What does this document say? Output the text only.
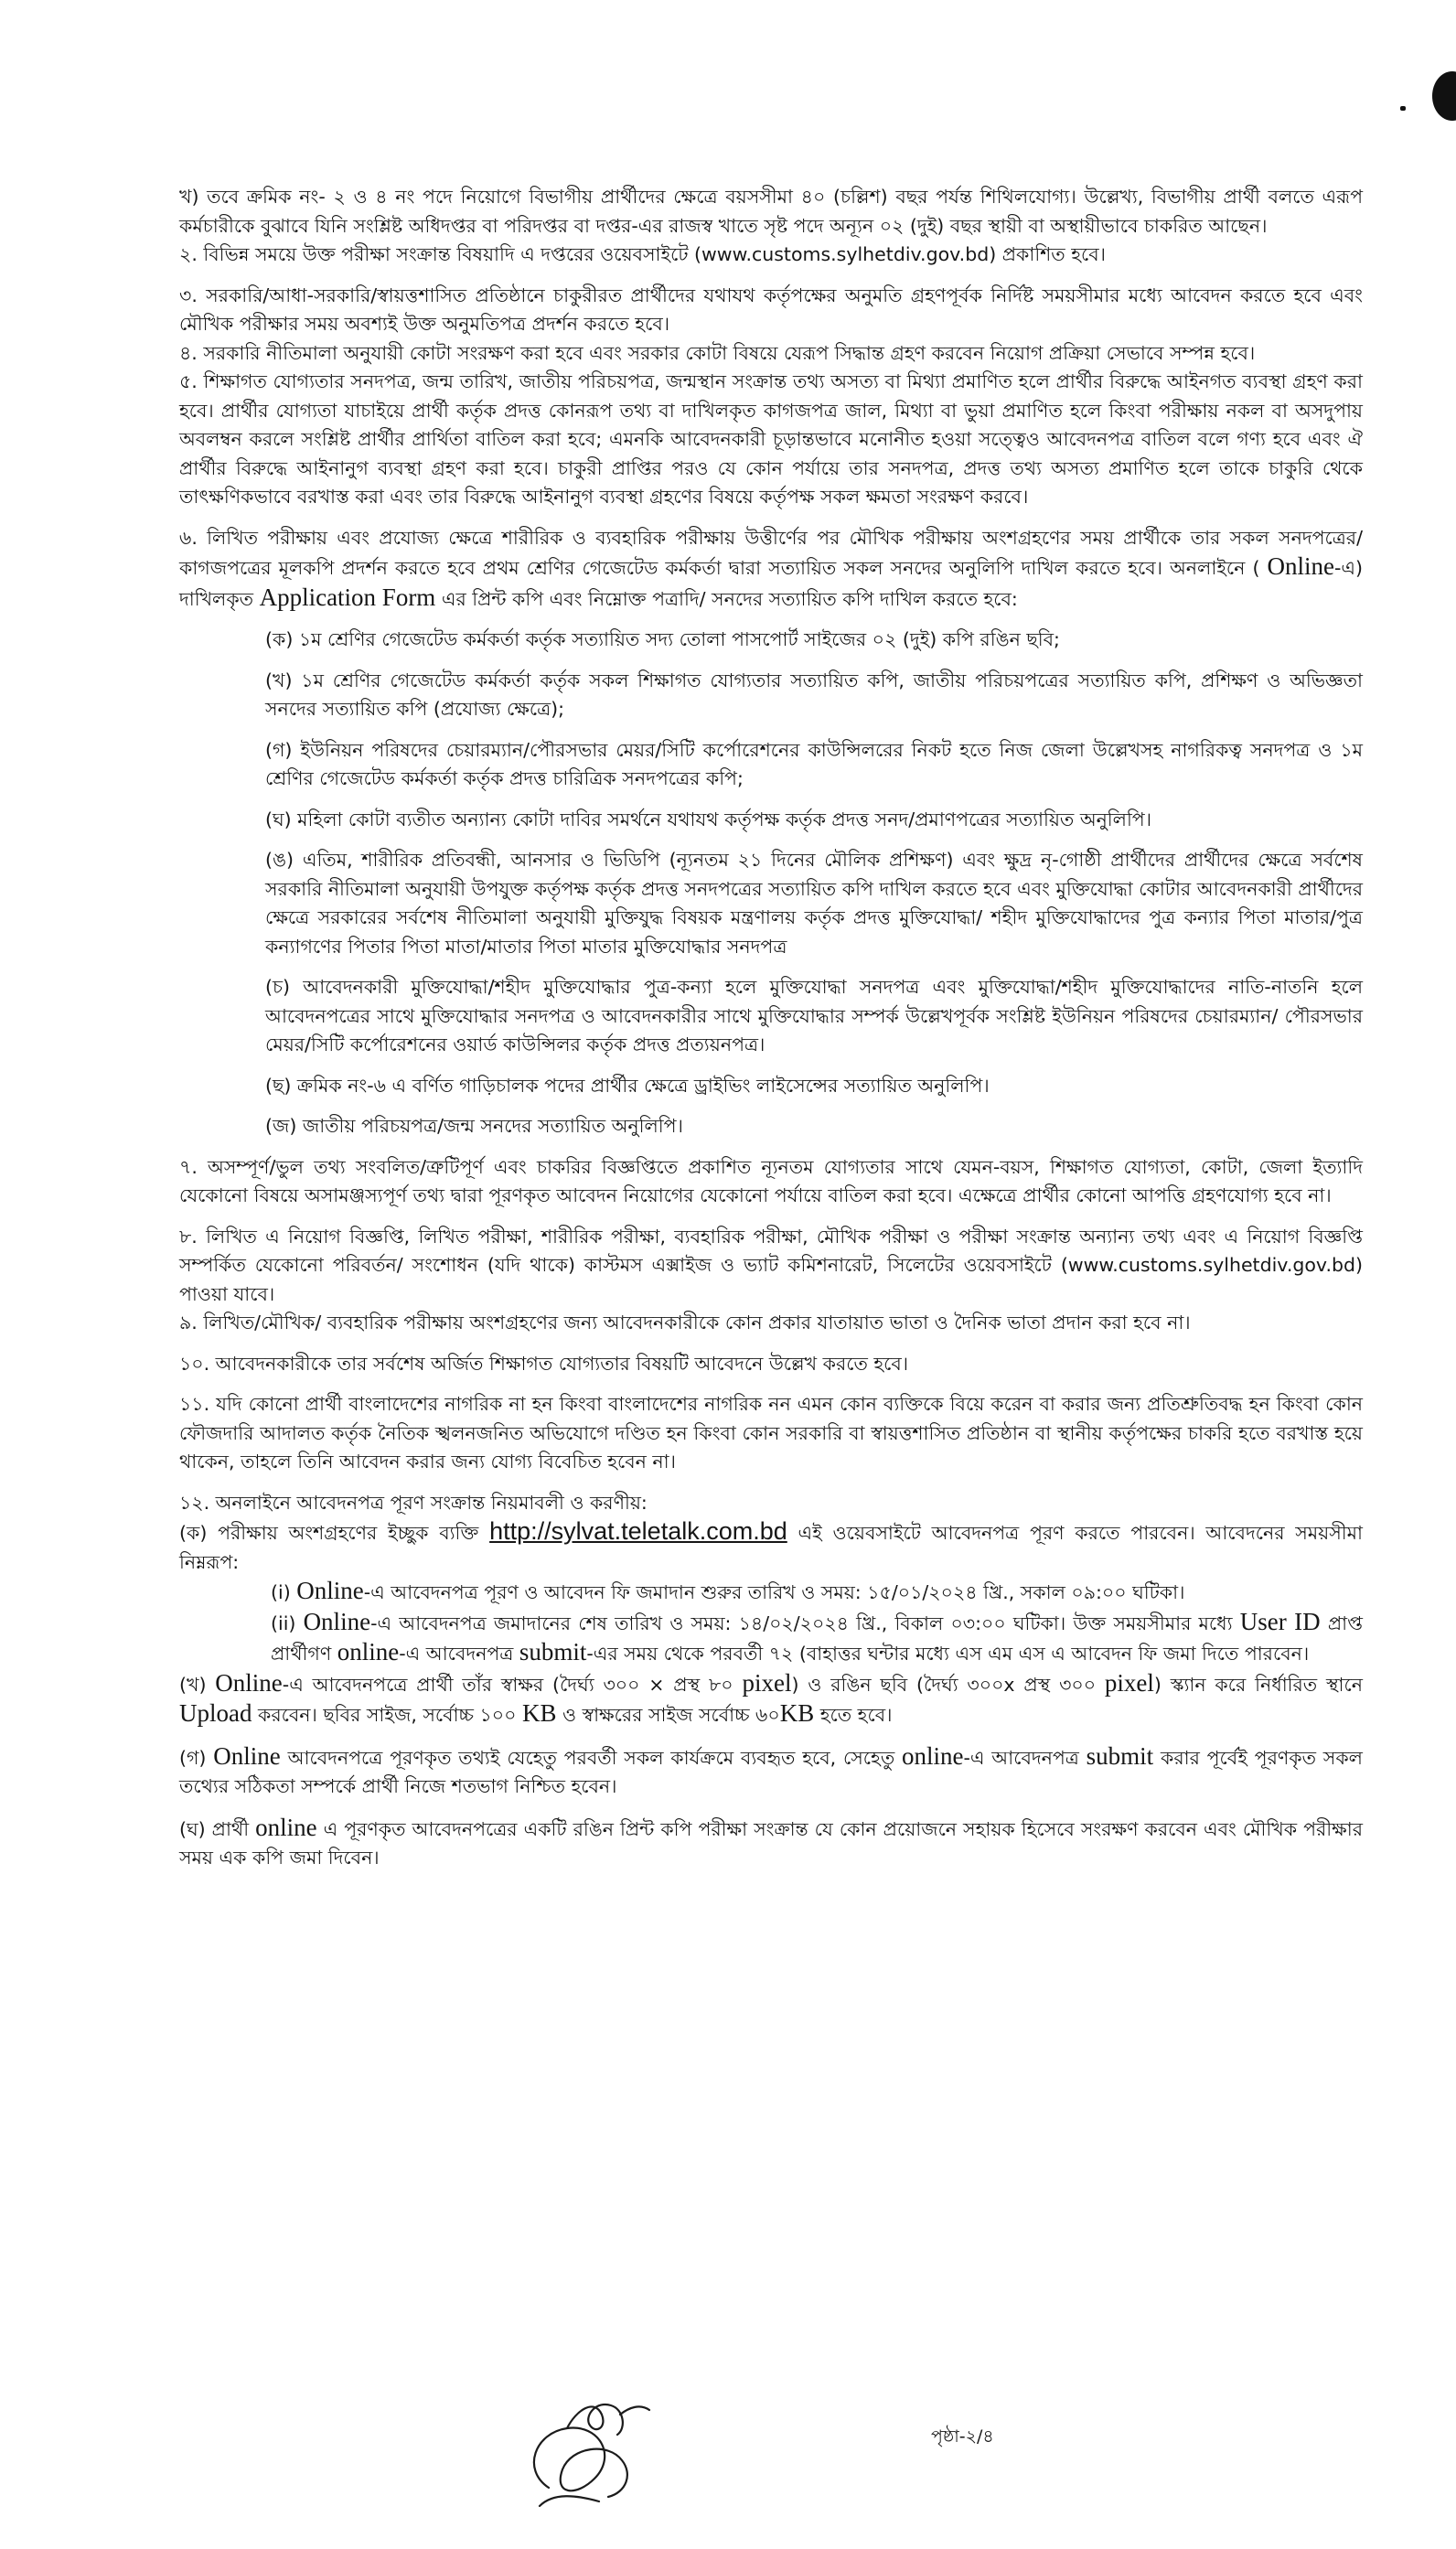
খ) তবে ক্রমিক নং- ২ ও ৪ নং পদে নিয়োগে বিভাগীয় প্রার্থীদের ক্ষেত্রে বয়সসীমা ৪০ (চল্লিশ) বছর পর্যন্ত শিথিলযোগ্য। উল্লেখ্য, বিভাগীয় প্রার্থী বলতে এরূপ কর্মচারীকে বুঝাবে যিনি সংশ্লিষ্ট অধিদপ্তর বা পরিদপ্তর বা দপ্তর-এর রাজস্ব খাতে সৃষ্ট পদে অন্যূন ০২ (দুই) বছর স্থায়ী বা অস্থায়ীভাবে চাকরিত আছেন।

২. বিভিন্ন সময়ে উক্ত পরীক্ষা সংক্রান্ত বিষয়াদি এ দপ্তরের ওয়েবসাইটে (www.customs.sylhetdiv.gov.bd) প্রকাশিত হবে।

৩. সরকারি/আধা-সরকারি/স্বায়ত্তশাসিত প্রতিষ্ঠানে চাকুরীরত প্রার্থীদের যথাযথ কর্তৃপক্ষের অনুমতি গ্রহণপূর্বক নির্দিষ্ট সময়সীমার মধ্যে আবেদন করতে হবে এবং মৌখিক পরীক্ষার সময় অবশ্যই উক্ত অনুমতিপত্র প্রদর্শন করতে হবে।

৪. সরকারি নীতিমালা অনুযায়ী কোটা সংরক্ষণ করা হবে এবং সরকার কোটা বিষয়ে যেরূপ সিদ্ধান্ত গ্রহণ করবেন নিয়োগ প্রক্রিয়া সেভাবে সম্পন্ন হবে।

৫. শিক্ষাগত যোগ্যতার সনদপত্র, জন্ম তারিখ, জাতীয় পরিচয়পত্র, জন্মস্থান সংক্রান্ত তথ্য অসত্য বা মিথ্যা প্রমাণিত হলে প্রার্থীর বিরুদ্ধে আইনগত ব্যবস্থা গ্রহণ করা হবে। প্রার্থীর যোগ্যতা যাচাইয়ে প্রার্থী কর্তৃক প্রদত্ত কোনরূপ তথ্য বা দাখিলকৃত কাগজপত্র জাল, মিথ্যা বা ভুয়া প্রমাণিত হলে কিংবা পরীক্ষায় নকল বা অসদুপায় অবলম্বন করলে সংশ্লিষ্ট প্রার্থীর প্রার্থিতা বাতিল করা হবে; এমনকি আবেদনকারী চূড়ান্তভাবে মনোনীত হওয়া সত্ত্বেও আবেদনপত্র বাতিল বলে গণ্য হবে এবং ঐ প্রার্থীর বিরুদ্ধে আইনানুগ ব্যবস্থা গ্রহণ করা হবে। চাকুরী প্রাপ্তির পরও যে কোন পর্যায়ে তার সনদপত্র, প্রদত্ত তথ্য অসত্য প্রমাণিত হলে তাকে চাকুরি থেকে তাৎক্ষণিকভাবে বরখাস্ত করা এবং তার বিরুদ্ধে আইনানুগ ব্যবস্থা গ্রহণের বিষয়ে কর্তৃপক্ষ সকল ক্ষমতা সংরক্ষণ করবে।

৬. লিখিত পরীক্ষায় এবং প্রযোজ্য ক্ষেত্রে শারীরিক ও ব্যবহারিক পরীক্ষায় উত্তীর্ণের পর মৌখিক পরীক্ষায় অংশগ্রহণের সময় প্রার্থীকে তার সকল সনদপত্রের/কাগজপত্রের মূলকপি প্রদর্শন করতে হবে প্রথম শ্রেণির গেজেটেড কর্মকর্তা দ্বারা সত্যায়িত সকল সনদের অনুলিপি দাখিল করতে হবে। অনলাইনে ( Online-এ) দাখিলকৃত Application Form এর প্রিন্ট কপি এবং নিম্নোক্ত পত্রাদি/ সনদের সত্যায়িত কপি দাখিল করতে হবে:

(ক) ১ম শ্রেণির গেজেটেড কর্মকর্তা কর্তৃক সত্যায়িত সদ্য তোলা পাসপোর্ট সাইজের ০২ (দুই) কপি রঙিন ছবি;

(খ) ১ম শ্রেণির গেজেটেড কর্মকর্তা কর্তৃক সকল শিক্ষাগত যোগ্যতার সত্যায়িত কপি, জাতীয় পরিচয়পত্রের সত্যায়িত কপি, প্রশিক্ষণ ও অভিজ্ঞতা সনদের সত্যায়িত কপি (প্রযোজ্য ক্ষেত্রে);

(গ) ইউনিয়ন পরিষদের চেয়ারম্যান/পৌরসভার মেয়র/সিটি কর্পোরেশনের কাউন্সিলরের নিকট হতে নিজ জেলা উল্লেখসহ নাগরিকত্ব সনদপত্র ও ১ম শ্রেণির গেজেটেড কর্মকর্তা কর্তৃক প্রদত্ত চারিত্রিক সনদপত্রের কপি;

(ঘ) মহিলা কোটা ব্যতীত অন্যান্য কোটা দাবির সমর্থনে যথাযথ কর্তৃপক্ষ কর্তৃক প্রদত্ত সনদ/প্রমাণপত্রের সত্যায়িত অনুলিপি।

(ঙ) এতিম, শারীরিক প্রতিবন্ধী, আনসার ও ভিডিপি (ন্যূনতম ২১ দিনের মৌলিক প্রশিক্ষণ) এবং ক্ষুদ্র নৃ-গোষ্ঠী প্রার্থীদের প্রার্থীদের ক্ষেত্রে সর্বশেষ সরকারি নীতিমালা অনুযায়ী উপযুক্ত কর্তৃপক্ষ কর্তৃক প্রদত্ত সনদপত্রের সত্যায়িত কপি দাখিল করতে হবে এবং মুক্তিযোদ্ধা কোটার আবেদনকারী প্রার্থীদের ক্ষেত্রে সরকারের সর্বশেষ নীতিমালা অনুযায়ী মুক্তিযুদ্ধ বিষয়ক মন্ত্রণালয় কর্তৃক প্রদত্ত মুক্তিযোদ্ধা/ শহীদ মুক্তিযোদ্ধাদের পুত্র কন্যার পিতা মাতার/পুত্র কন্যাগণের পিতার পিতা মাতা/মাতার পিতা মাতার মুক্তিযোদ্ধার সনদপত্র

(চ) আবেদনকারী মুক্তিযোদ্ধা/শহীদ মুক্তিযোদ্ধার পুত্র-কন্যা হলে মুক্তিযোদ্ধা সনদপত্র এবং মুক্তিযোদ্ধা/শহীদ মুক্তিযোদ্ধাদের নাতি-নাতনি হলে আবেদনপত্রের সাথে মুক্তিযোদ্ধার সনদপত্র ও আবেদনকারীর সাথে মুক্তিযোদ্ধার সম্পর্ক উল্লেখপূর্বক সংশ্লিষ্ট ইউনিয়ন পরিষদের চেয়ারম্যান/ পৌরসভার মেয়র/সিটি কর্পোরেশনের ওয়ার্ড কাউন্সিলর কর্তৃক প্রদত্ত প্রত্যয়নপত্র।

(ছ) ক্রমিক নং-৬ এ বর্ণিত গাড়িচালক পদের প্রার্থীর ক্ষেত্রে ড্রাইভিং লাইসেন্সের সত্যায়িত অনুলিপি।

(জ) জাতীয় পরিচয়পত্র/জন্ম সনদের সত্যায়িত অনুলিপি।

৭. অসম্পূর্ণ/ভুল তথ্য সংবলিত/ত্রুটিপূর্ণ এবং চাকরির বিজ্ঞপ্তিতে প্রকাশিত ন্যূনতম যোগ্যতার সাথে যেমন-বয়স, শিক্ষাগত যোগ্যতা, কোটা, জেলা ইত্যাদি যেকোনো বিষয়ে অসামঞ্জস্যপূর্ণ তথ্য দ্বারা পূরণকৃত আবেদন নিয়োগের যেকোনো পর্যায়ে বাতিল করা হবে। এক্ষেত্রে প্রার্থীর কোনো আপত্তি গ্রহণযোগ্য হবে না।

৮. লিখিত এ নিয়োগ বিজ্ঞপ্তি, লিখিত পরীক্ষা, শারীরিক পরীক্ষা, ব্যবহারিক পরীক্ষা, মৌখিক পরীক্ষা ও পরীক্ষা সংক্রান্ত অন্যান্য তথ্য এবং এ নিয়োগ বিজ্ঞপ্তি সম্পর্কিত যেকোনো পরিবর্তন/ সংশোধন (যদি থাকে) কাস্টমস এক্সাইজ ও ভ্যাট কমিশনারেট, সিলেটের ওয়েবসাইটে (www.customs.sylhetdiv.gov.bd) পাওয়া যাবে।

৯. লিখিত/মৌখিক/ ব্যবহারিক পরীক্ষায় অংশগ্রহণের জন্য আবেদনকারীকে কোন প্রকার যাতায়াত ভাতা ও দৈনিক ভাতা প্রদান করা হবে না।

১০. আবেদনকারীকে তার সর্বশেষ অর্জিত শিক্ষাগত যোগ্যতার বিষয়টি আবেদনে উল্লেখ করতে হবে।

১১. যদি কোনো প্রার্থী বাংলাদেশের নাগরিক না হন কিংবা বাংলাদেশের নাগরিক নন এমন কোন ব্যক্তিকে বিয়ে করেন বা করার জন্য প্রতিশ্রুতিবদ্ধ হন কিংবা কোন ফৌজদারি আদালত কর্তৃক নৈতিক স্খলনজনিত অভিযোগে দণ্ডিত হন কিংবা কোন সরকারি বা স্বায়ত্তশাসিত প্রতিষ্ঠান বা স্থানীয় কর্তৃপক্ষের চাকরি হতে বরখাস্ত হয়ে থাকেন, তাহলে তিনি আবেদন করার জন্য যোগ্য বিবেচিত হবেন না।

১২. অনলাইনে আবেদনপত্র পূরণ সংক্রান্ত নিয়মাবলী ও করণীয়:

(ক) পরীক্ষায় অংশগ্রহণের ইচ্ছুক ব্যক্তি http://sylvat.teletalk.com.bd এই ওয়েবসাইটে আবেদনপত্র পূরণ করতে পারবেন। আবেদনের সময়সীমা নিম্নরূপ:

(i) Online-এ আবেদনপত্র পূরণ ও আবেদন ফি জমাদান শুরুর তারিখ ও সময়: ১৫/০১/২০২৪ খ্রি., সকাল ০৯:০০ ঘটিকা।

(ii) Online-এ আবেদনপত্র জমাদানের শেষ তারিখ ও সময়: ১৪/০২/২০২৪ খ্রি., বিকাল ০৩:০০ ঘটিকা। উক্ত সময়সীমার মধ্যে User ID প্রাপ্ত প্রার্থীগণ online-এ আবেদনপত্র submit-এর সময় থেকে পরবর্তী ৭২ (বাহাত্তর ঘন্টার মধ্যে এস এম এস এ আবেদন ফি জমা দিতে পারবেন।

(খ) Online-এ আবেদনপত্রে প্রার্থী তাঁর স্বাক্ষর (দৈর্ঘ্য ৩০০ × প্রস্থ ৮০ pixel) ও রঙিন ছবি (দৈর্ঘ্য ৩০০x প্রস্থ ৩০০ pixel) স্ক্যান করে নির্ধারিত স্থানে Upload করবেন। ছবির সাইজ, সর্বোচ্চ ১০০ KB ও স্বাক্ষরের সাইজ সর্বোচ্চ ৬০KB হতে হবে।

(গ) Online আবেদনপত্রে পূরণকৃত তথ্যই যেহেতু পরবর্তী সকল কার্যক্রমে ব্যবহৃত হবে, সেহেতু online-এ আবেদনপত্র submit করার পূর্বেই পূরণকৃত সকল তথ্যের সঠিকতা সম্পর্কে প্রার্থী নিজে শতভাগ নিশ্চিত হবেন।

(ঘ) প্রার্থী online এ পূরণকৃত আবেদনপত্রের একটি রঙিন প্রিন্ট কপি পরীক্ষা সংক্রান্ত যে কোন প্রয়োজনে সহায়ক হিসেবে সংরক্ষণ করবেন এবং মৌখিক পরীক্ষার সময় এক কপি জমা দিবেন।

পৃষ্ঠা-২/৪
